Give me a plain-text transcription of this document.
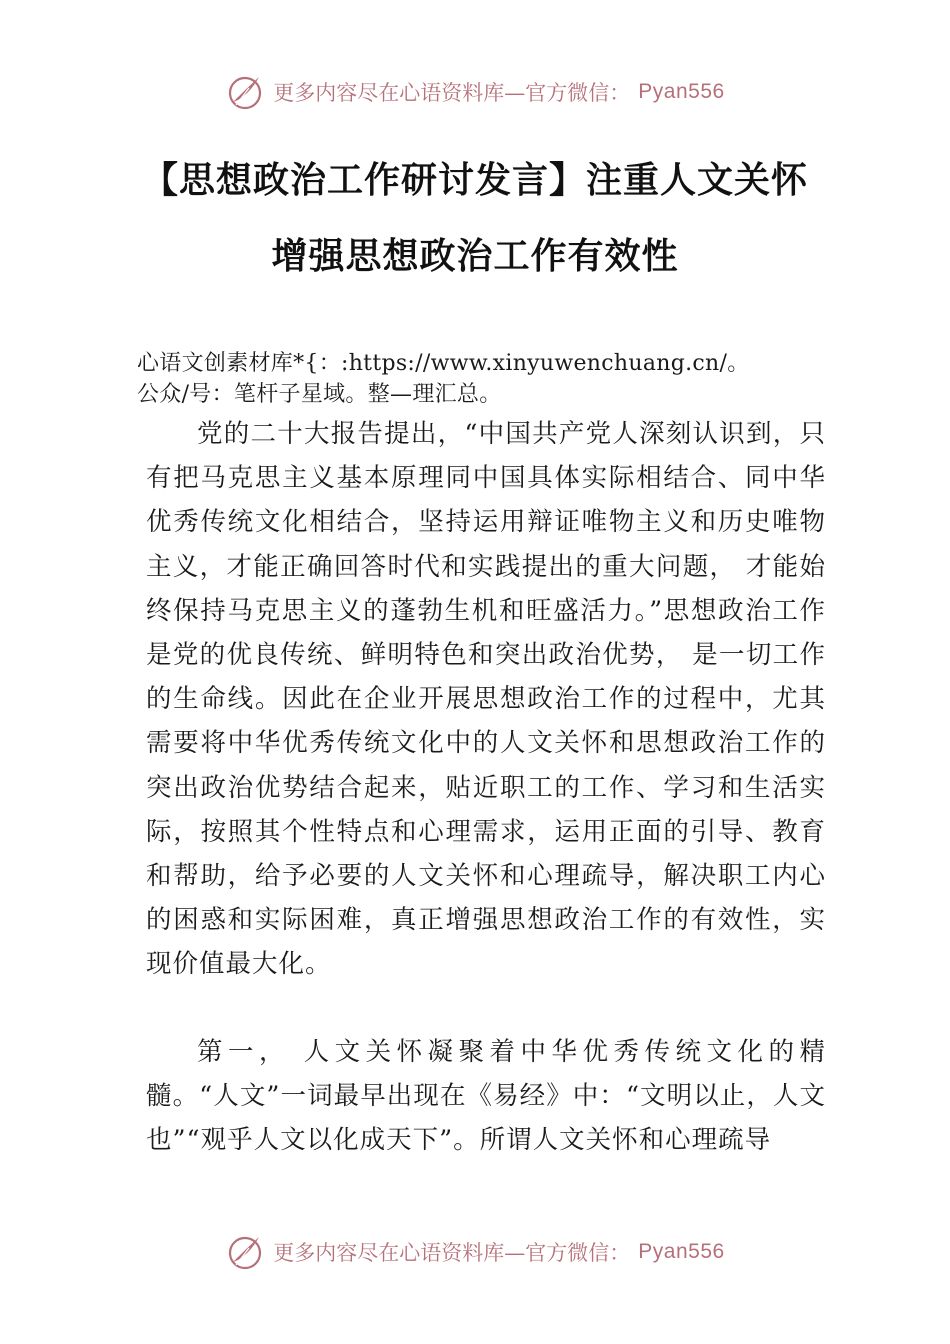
更多内容尽在心语资料库—官方微信： Pyan556
【思想政治工作研讨发言】注重人文关怀
增强思想政治工作有效性
心语文创素材库*{：:https://www.xinyuwenchuang.cn/。
公众/号：笔杆子星域。整—理汇总。

党的二十大报告提出，“中国共产党人深刻认识到，只有把马克思主义基本原理同中国具体实际相结合、同中华优秀传统文化相结合，坚持运用辩证唯物主义和历史唯物主义，才能正确回答时代和实践提出的重大问题， 才能始终保持马克思主义的蓬勃生机和旺盛活力。”思想政治工作是党的优良传统、鲜明特色和突出政治优势， 是一切工作的生命线。因此在企业开展思想政治工作的过程中，尤其需要将中华优秀传统文化中的人文关怀和思想政治工作的突出政治优势结合起来，贴近职工的工作、学习和生活实际，按照其个性特点和心理需求，运用正面的引导、教育和帮助，给予必要的人文关怀和心理疏导，解决职工内心的困惑和实际困难，真正增强思想政治工作的有效性，实现价值最大化。

第一， 人文关怀凝聚着中华优秀传统文化的精髓。“人文”一词最早出现在《易经》中：“文明以止，人文也”“观乎人文以化成天下”。所谓人文关怀和心理疏导

更多内容尽在心语资料库—官方微信： Pyan556
